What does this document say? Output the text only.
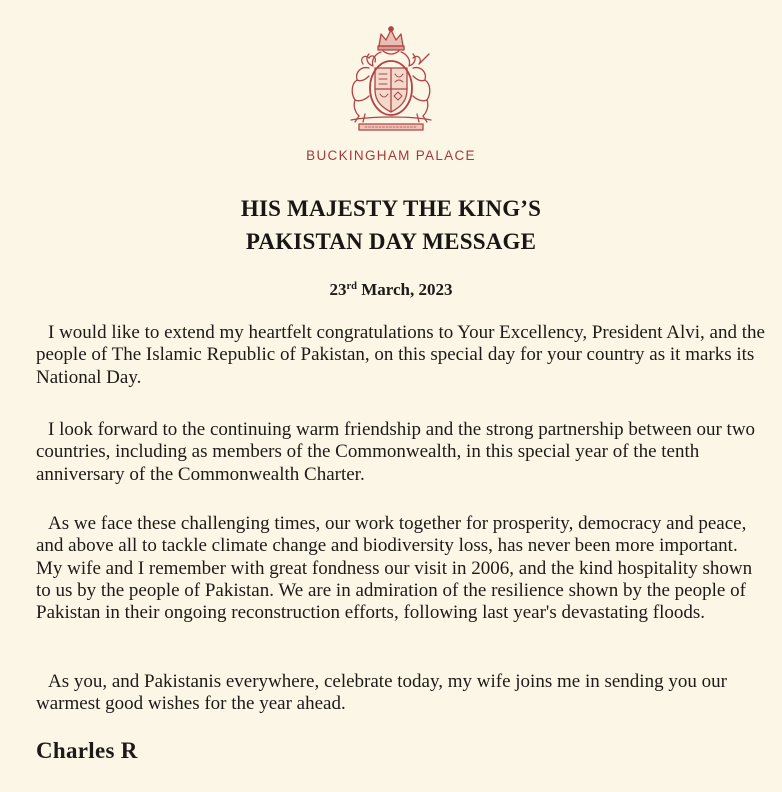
BUCKINGHAM PALACE
HIS MAJESTY THE KING’S
PAKISTAN DAY MESSAGE
23rd March, 2023

I would like to extend my heartfelt congratulations to Your Excellency, President Alvi, and the people of The Islamic Republic of Pakistan, on this special day for your country as it marks its National Day.

I look forward to the continuing warm friendship and the strong partnership between our two countries, including as members of the Commonwealth, in this special year of the tenth anniversary of the Commonwealth Charter.

As we face these challenging times, our work together for prosperity, democracy and peace, and above all to tackle climate change and biodiversity loss, has never been more important. My wife and I remember with great fondness our visit in 2006, and the kind hospitality shown to us by the people of Pakistan. We are in admiration of the resilience shown by the people of Pakistan in their ongoing reconstruction efforts, following last year's devastating floods.

As you, and Pakistanis everywhere, celebrate today, my wife joins me in sending you our warmest good wishes for the year ahead.

Charles R
